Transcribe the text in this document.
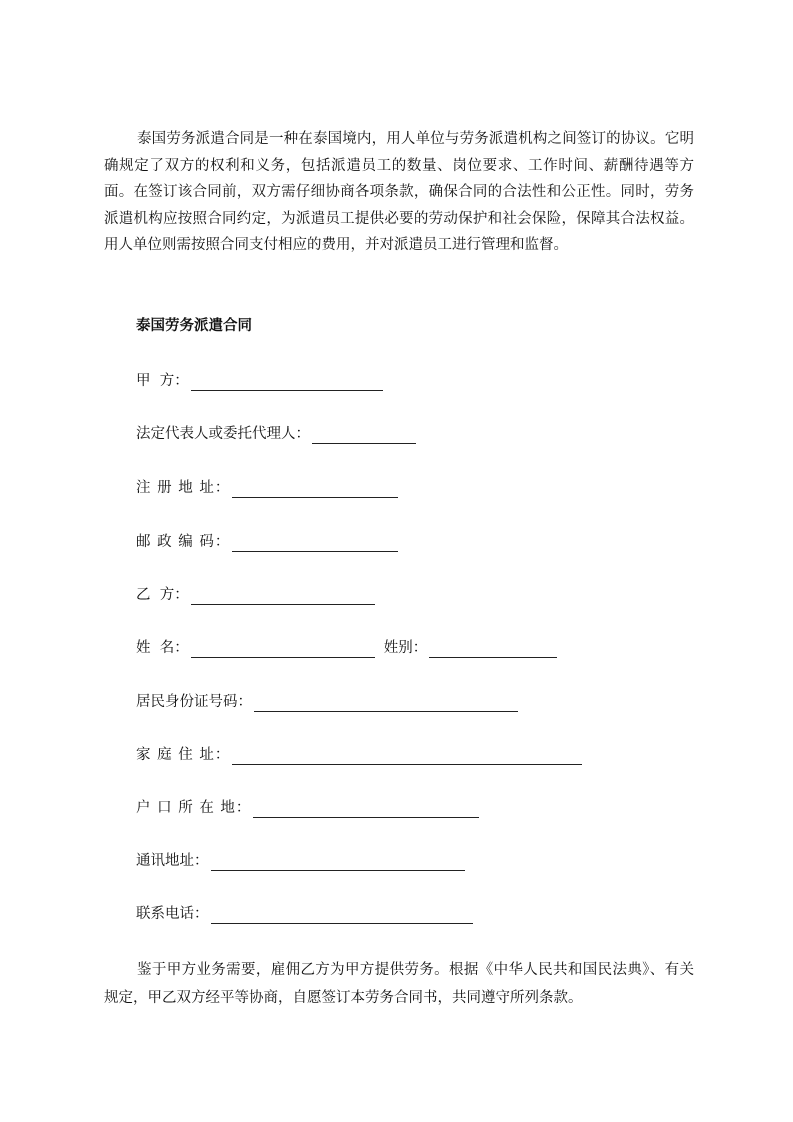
泰国劳务派遣合同是一种在泰国境内，用人单位与劳务派遣机构之间签订的协议。它明确规定了双方的权利和义务，包括派遣员工的数量、岗位要求、工作时间、薪酬待遇等方面。在签订该合同前，双方需仔细协商各项条款，确保合同的合法性和公正性。同时，劳务派遣机构应按照合同约定，为派遣员工提供必要的劳动保护和社会保险，保障其合法权益。用人单位则需按照合同支付相应的费用，并对派遣员工进行管理和监督。

泰国劳务派遣合同

甲  方：
法定代表人或委托代理人：
注 册 地 址：
邮 政 编 码：
乙  方：
姓  名：	姓别：
居民身份证号码：
家 庭 住 址：
户 口 所 在 地：
通讯地址：
联系电话：

鉴于甲方业务需要，雇佣乙方为甲方提供劳务。根据《中华人民共和国民法典》、有关规定，甲乙双方经平等协商，自愿签订本劳务合同书，共同遵守所列条款。
